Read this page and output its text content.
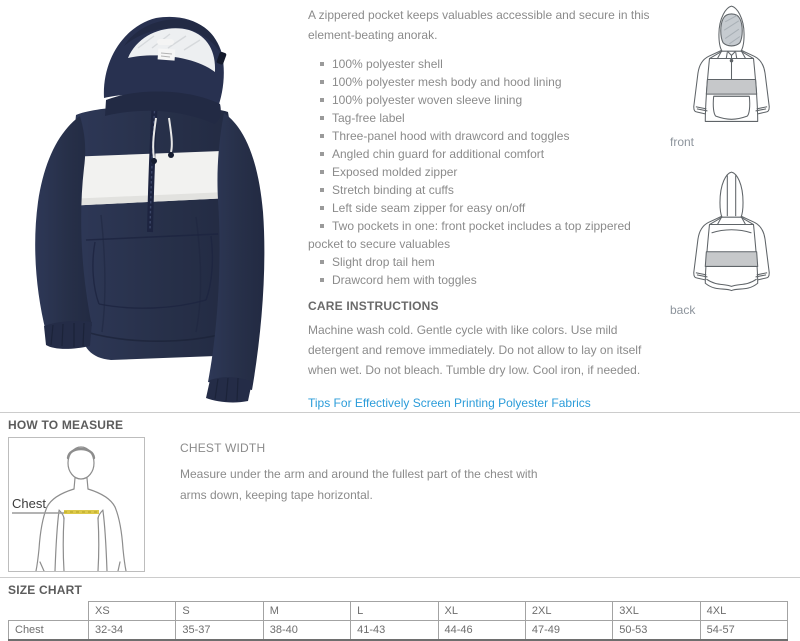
A zippered pocket keeps valuables accessible and secure in this element-beating anorak.

100% polyester shell
100% polyester mesh body and hood lining
100% polyester woven sleeve lining
Tag-free label
Three-panel hood with drawcord and toggles
Angled chin guard for additional comfort
Exposed molded zipper
Stretch binding at cuffs
Left side seam zipper for easy on/off
Two pockets in one: front pocket includes a top zippered pocket to secure valuables
Slight drop tail hem
Drawcord hem with toggles
CARE INSTRUCTIONS

Machine wash cold. Gentle cycle with like colors. Use mild detergent and remove immediately. Do not allow to lay on itself when wet. Do not bleach. Tumble dry low. Cool iron, if needed.

Tips For Effectively Screen Printing Polyester Fabrics
front
back
HOW TO MEASURE
Chest
CHEST WIDTH

Measure under the arm and around the fullest part of the chest with arms down, keeping tape horizontal.

SIZE CHART
	XS	S	M	L	XL	2XL	3XL	4XL
Chest	32-34	35-37	38-40	41-43	44-46	47-49	50-53	54-57
